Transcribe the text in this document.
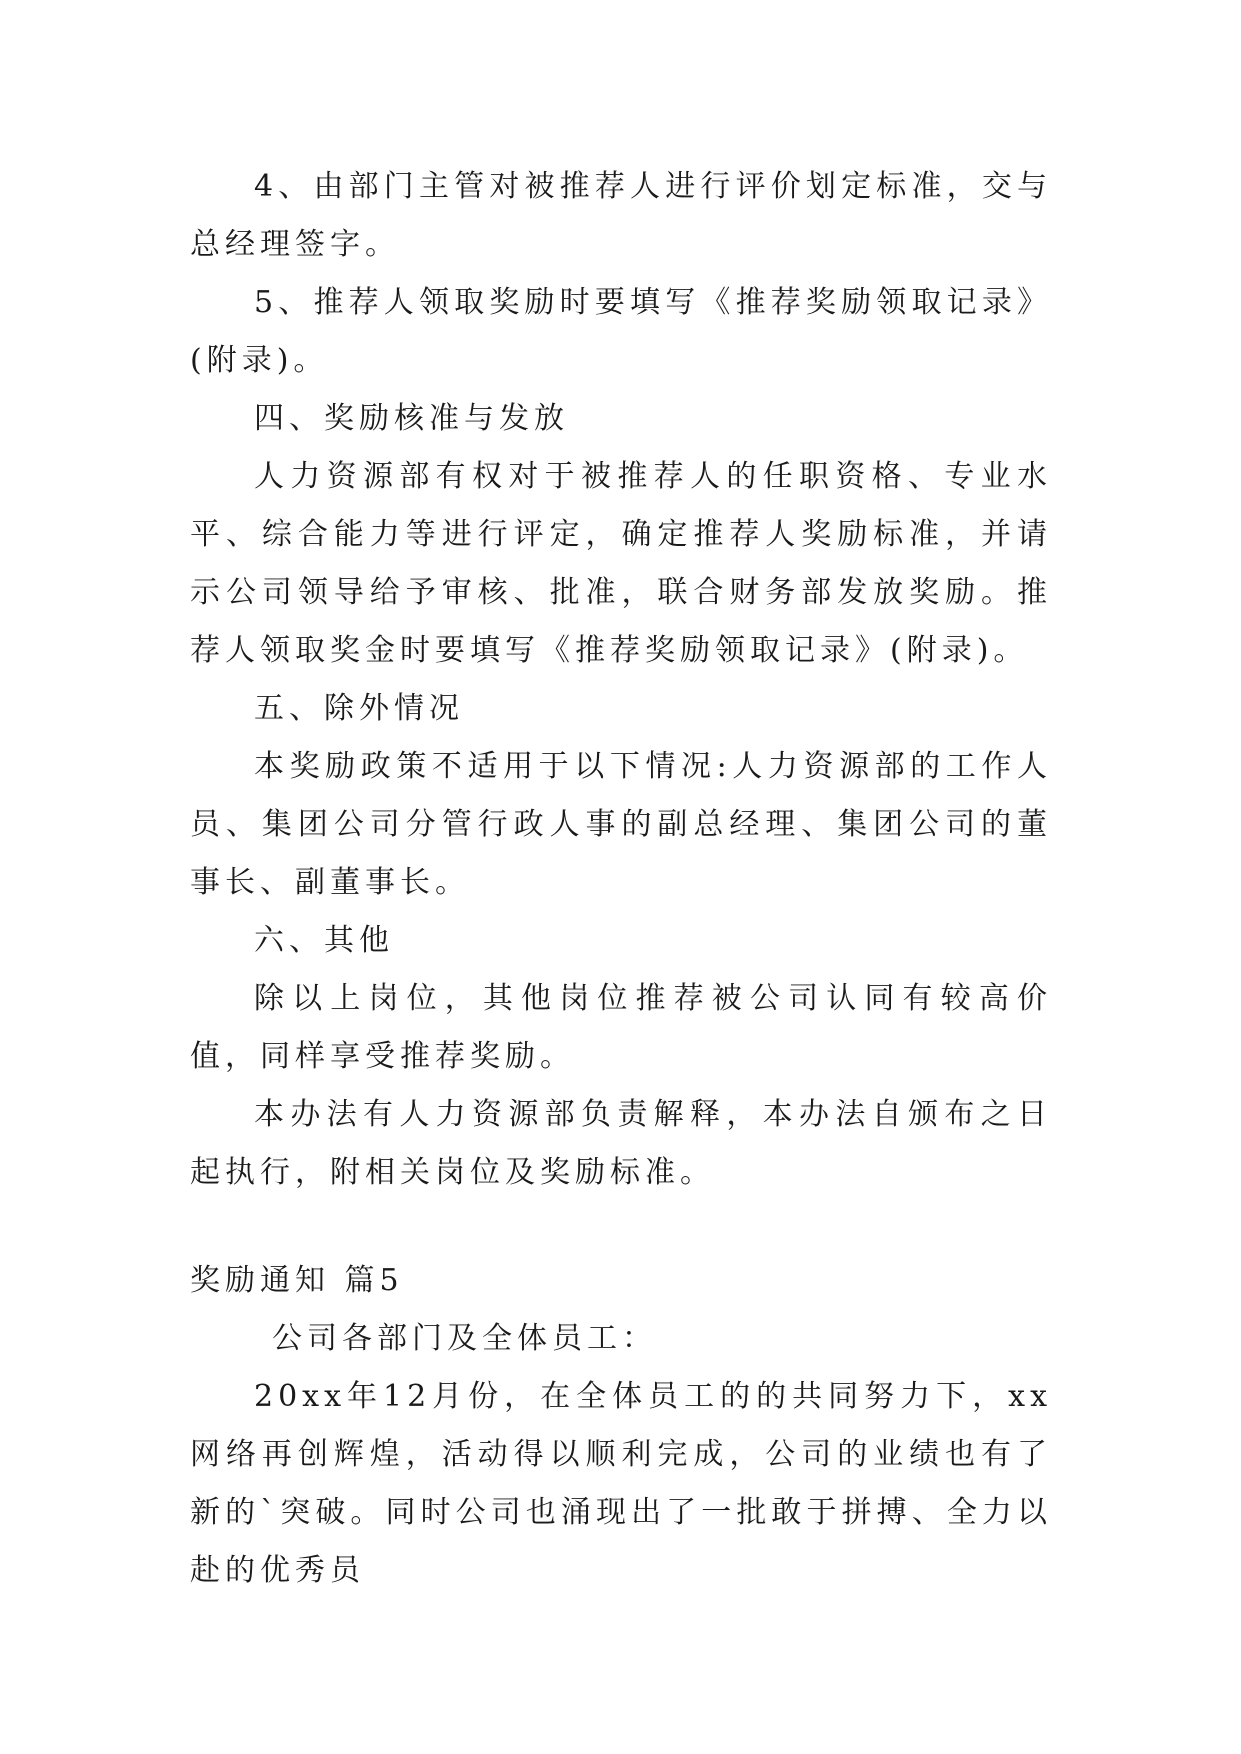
4、由部门主管对被推荐人进行评价划定标准，交与总经理签字。

5、推荐人领取奖励时要填写《推荐奖励领取记录》(附录)。

四、奖励核准与发放

人力资源部有权对于被推荐人的任职资格、专业水平、综合能力等进行评定，确定推荐人奖励标准，并请示公司领导给予审核、批准，联合财务部发放奖励。推荐人领取奖金时要填写《推荐奖励领取记录》(附录)。

五、除外情况

本奖励政策不适用于以下情况:人力资源部的工作人员、集团公司分管行政人事的副总经理、集团公司的董事长、副董事长。

六、其他

除以上岗位，其他岗位推荐被公司认同有较高价值，同样享受推荐奖励。

本办法有人力资源部负责解释，本办法自颁布之日起执行，附相关岗位及奖励标准。

奖励通知 篇5

公司各部门及全体员工：

20xx年12月份，在全体员工的的共同努力下，xx网络再创辉煌，活动得以顺利完成，公司的业绩也有了新的`突破。同时公司也涌现出了一批敢于拼搏、全力以赴的优秀员
